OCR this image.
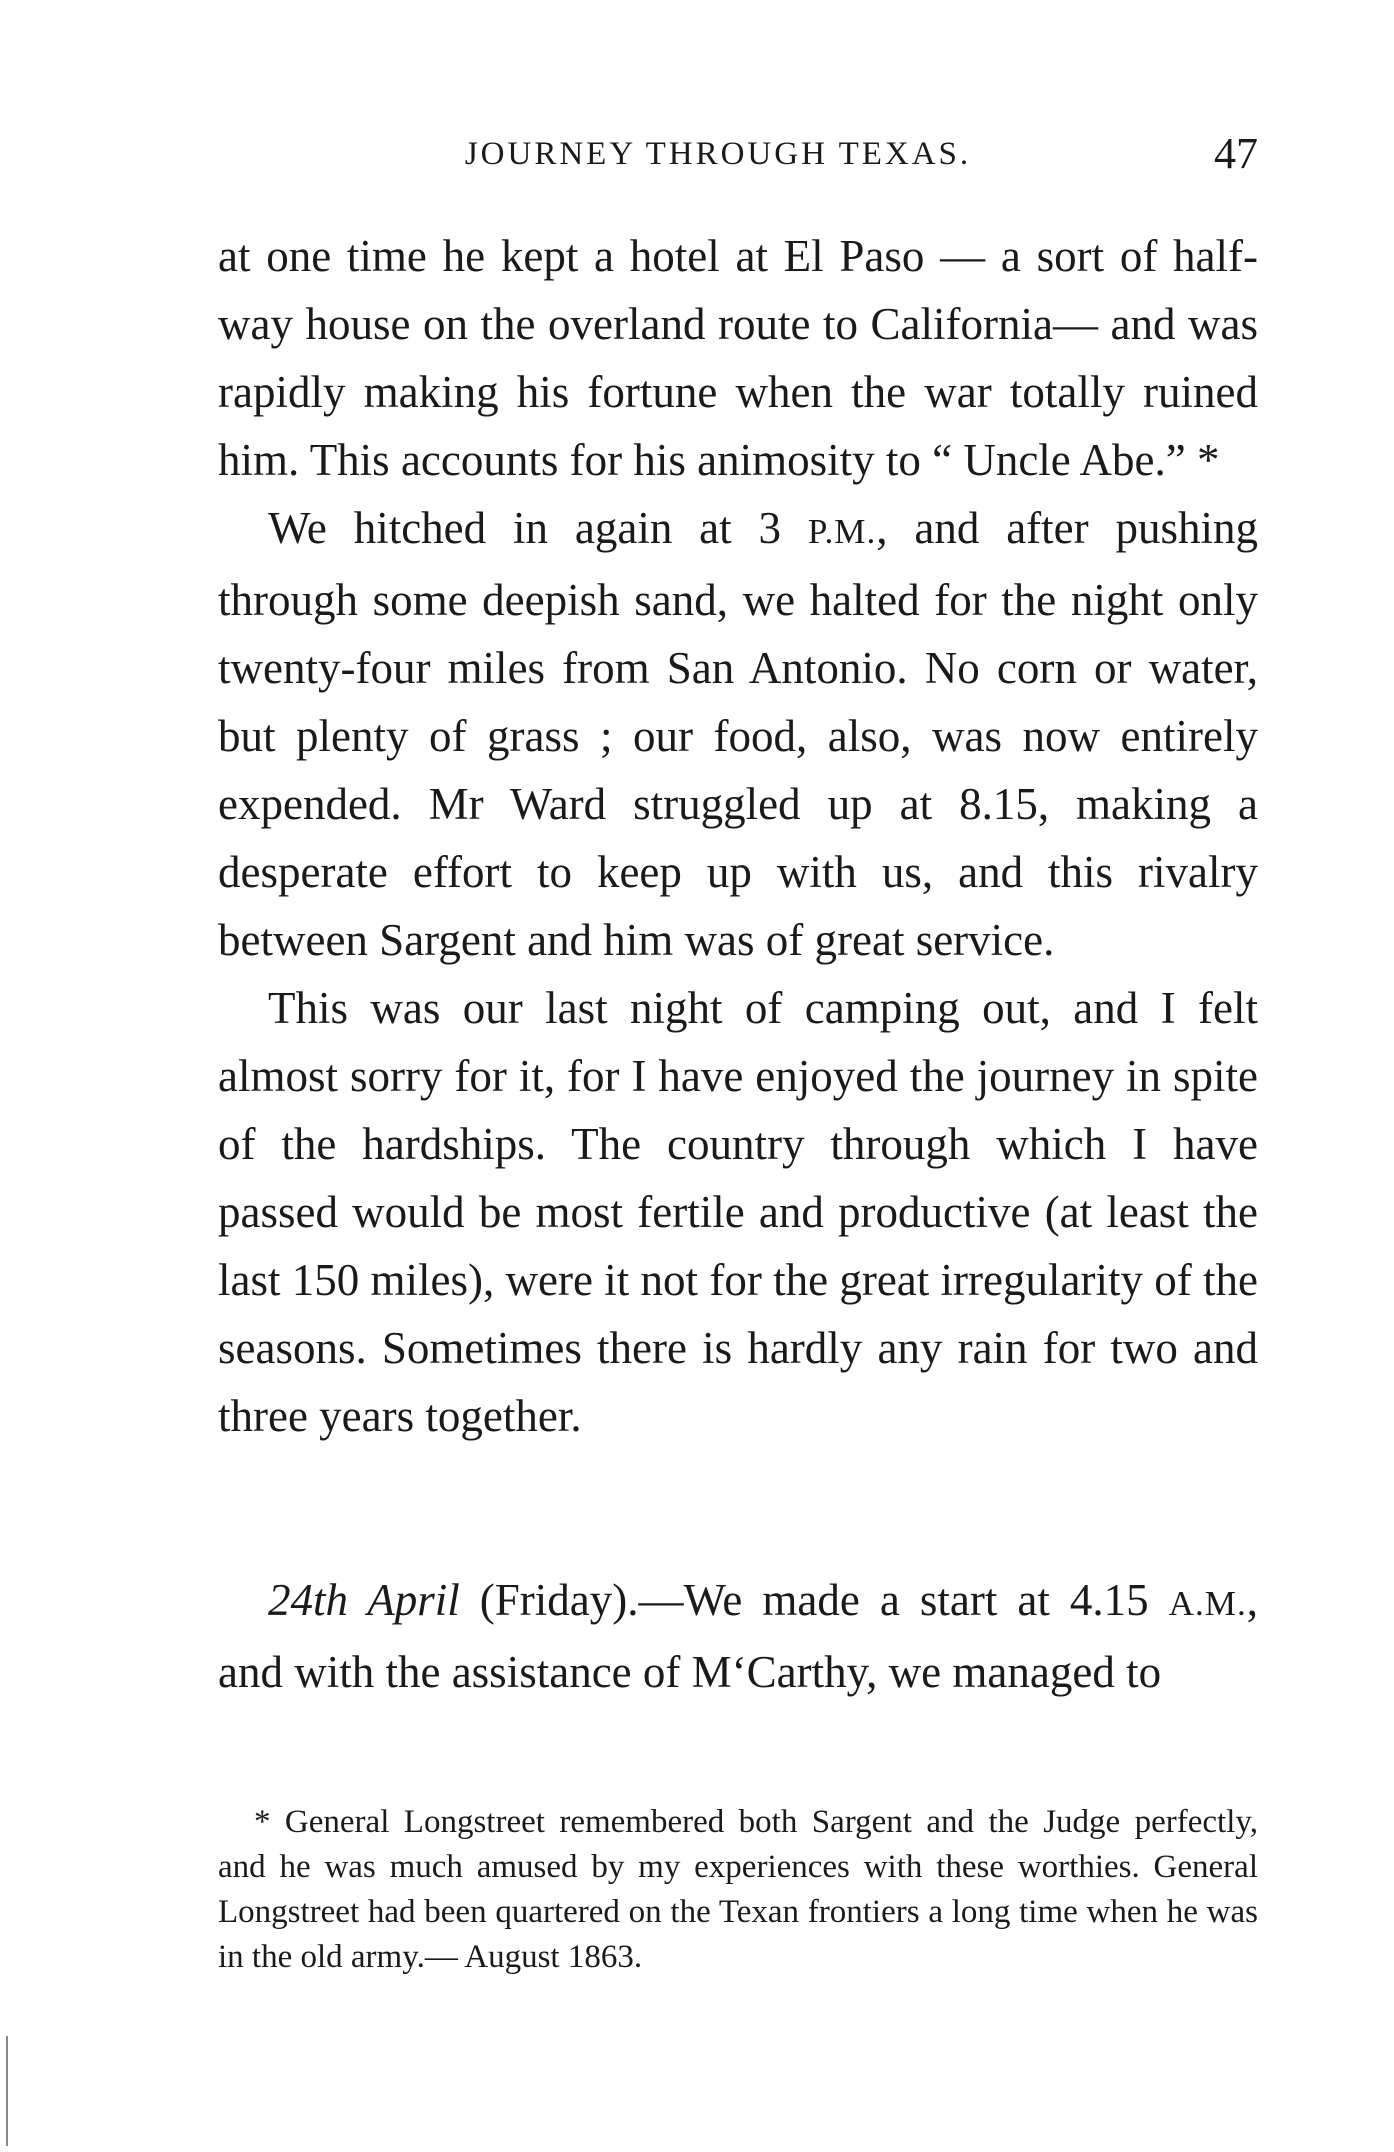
JOURNEY THROUGH TEXAS.	47

at one time he kept a hotel at El Paso — a sort of half-way house on the overland route to California— and was rapidly making his fortune when the war totally ruined him. This accounts for his animosity to “ Uncle Abe.” *

We hitched in again at 3 P.M., and after pushing through some deepish sand, we halted for the night only twenty-four miles from San Antonio. No corn or water, but plenty of grass ; our food, also, was now entirely expended. Mr Ward struggled up at 8.15, making a desperate effort to keep up with us, and this rivalry between Sargent and him was of great service.

This was our last night of camping out, and I felt almost sorry for it, for I have enjoyed the journey in spite of the hardships. The country through which I have passed would be most fertile and productive (at least the last 150 miles), were it not for the great irregularity of the seasons. Sometimes there is hardly any rain for two and three years together.

24th April (Friday).—We made a start at 4.15 A.M., and with the assistance of M‘Carthy, we managed to

* General Longstreet remembered both Sargent and the Judge perfectly, and he was much amused by my experiences with these worthies. General Longstreet had been quartered on the Texan frontiers a long time when he was in the old army.— August 1863.
